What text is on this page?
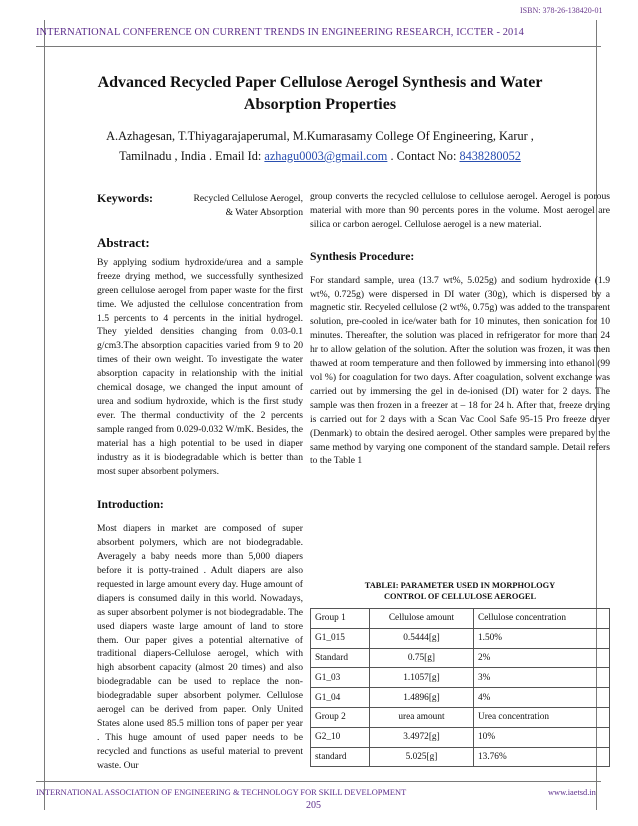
ISBN: 378-26-138420-01
INTERNATIONAL CONFERENCE ON CURRENT TRENDS IN ENGINEERING RESEARCH, ICCTER - 2014
Advanced Recycled Paper Cellulose Aerogel Synthesis and Water Absorption Properties
A.Azhagesan, T.Thiyagarajaperumal, M.Kumarasamy College Of Engineering, Karur ,
Tamilnadu , India . Email Id: azhagu0003@gmail.com . Contact No: 8438280052
Keywords:	Recycled Cellulose Aerogel, & Water Absorption
Abstract:

By applying sodium hydroxide/urea and a sample freeze drying method, we successfully synthesized green cellulose aerogel from paper waste for the first time. We adjusted the cellulose concentration from 1.5 percents to 4 percents in the initial hydrogel. They yielded densities changing from 0.03-0.1 g/cm3.The absorption capacities varied from 9 to 20 times of their own weight. To investigate the water absorption capacity in relationship with the initial chemical dosage, we changed the input amount of urea and sodium hydroxide, which is the first study ever. The thermal conductivity of the 2 percents sample ranged from 0.029-0.032 W/mK. Besides, the material has a high potential to be used in diaper industry as it is biodegradable which is better than most super absorbent polymers.

Introduction:

Most diapers in market are composed of super absorbent polymers, which are not biodegradable. Averagely a baby needs more than 5,000 diapers before it is potty-trained . Adult diapers are also requested in large amount every day. Huge amount of diapers is consumed daily in this world. Nowadays, as super absorbent polymer is not biodegradable. The used diapers waste large amount of land to store them. Our paper gives a potential alternative of traditional diapers-Cellulose aerogel, which with high absorbent capacity (almost 20 times) and also biodegradable can be used to replace the non-biodegradable super absorbent polymer. Cellulose aerogel can be derived from paper. Only United States alone used 85.5 million tons of paper per year . This huge amount of used paper needs to be recycled and functions as useful material to prevent waste. Our

group converts the recycled cellulose to cellulose aerogel. Aerogel is porous material with more than 90 percents pores in the volume. Most aerogel are silica or carbon aerogel. Cellulose aerogel is a new material.

Synthesis Procedure:

For standard sample, urea (13.7 wt%, 5.025g) and sodium hydroxide (1.9 wt%, 0.725g) were dispersed in DI water (30g), which is dispersed by a magnetic stir. Recyeled cellulose (2 wt%, 0.75g) was added to the transparent solution, pre-cooled in ice/water bath for 10 minutes, then sonication for 10 minutes. Thereafter, the solution was placed in refrigerator for more than 24 hr to allow gelation of the solution. After the solution was frozen, it was then thawed at room temperature and then followed by immersing into ethanol (99 vol %) for coagulation for two days. After coagulation, solvent exchange was carried out by immersing the gel in de-ionised (DI) water for 2 days. The sample was then frozen in a freezer at – 18 for 24 h. After that, freeze drying is carried out for 2 days with a Scan Vac Cool Safe 95-15 Pro freeze dryer (Denmark) to obtain the desired aerogel. Other samples were prepared by the same method by varying one component of the standard sample. Detail refers to the Table 1

TABLEI: PARAMETER USED IN MORPHOLOGY
CONTROL OF CELLULOSE AEROGEL
Group 1	Cellulose amount	Cellulose concentration
G1_015	0.5444[g]	1.50%
Standard	0.75[g]	2%
G1_03	1.1057[g]	3%
G1_04	1.4896[g]	4%
Group 2	urea amount	Urea concentration
G2_10	3.4972[g]	10%
standard	5.025[g]	13.76%
INTERNATIONAL ASSOCIATION OF ENGINEERING & TECHNOLOGY FOR SKILL DEVELOPMENT	www.iaetsd.in
205
